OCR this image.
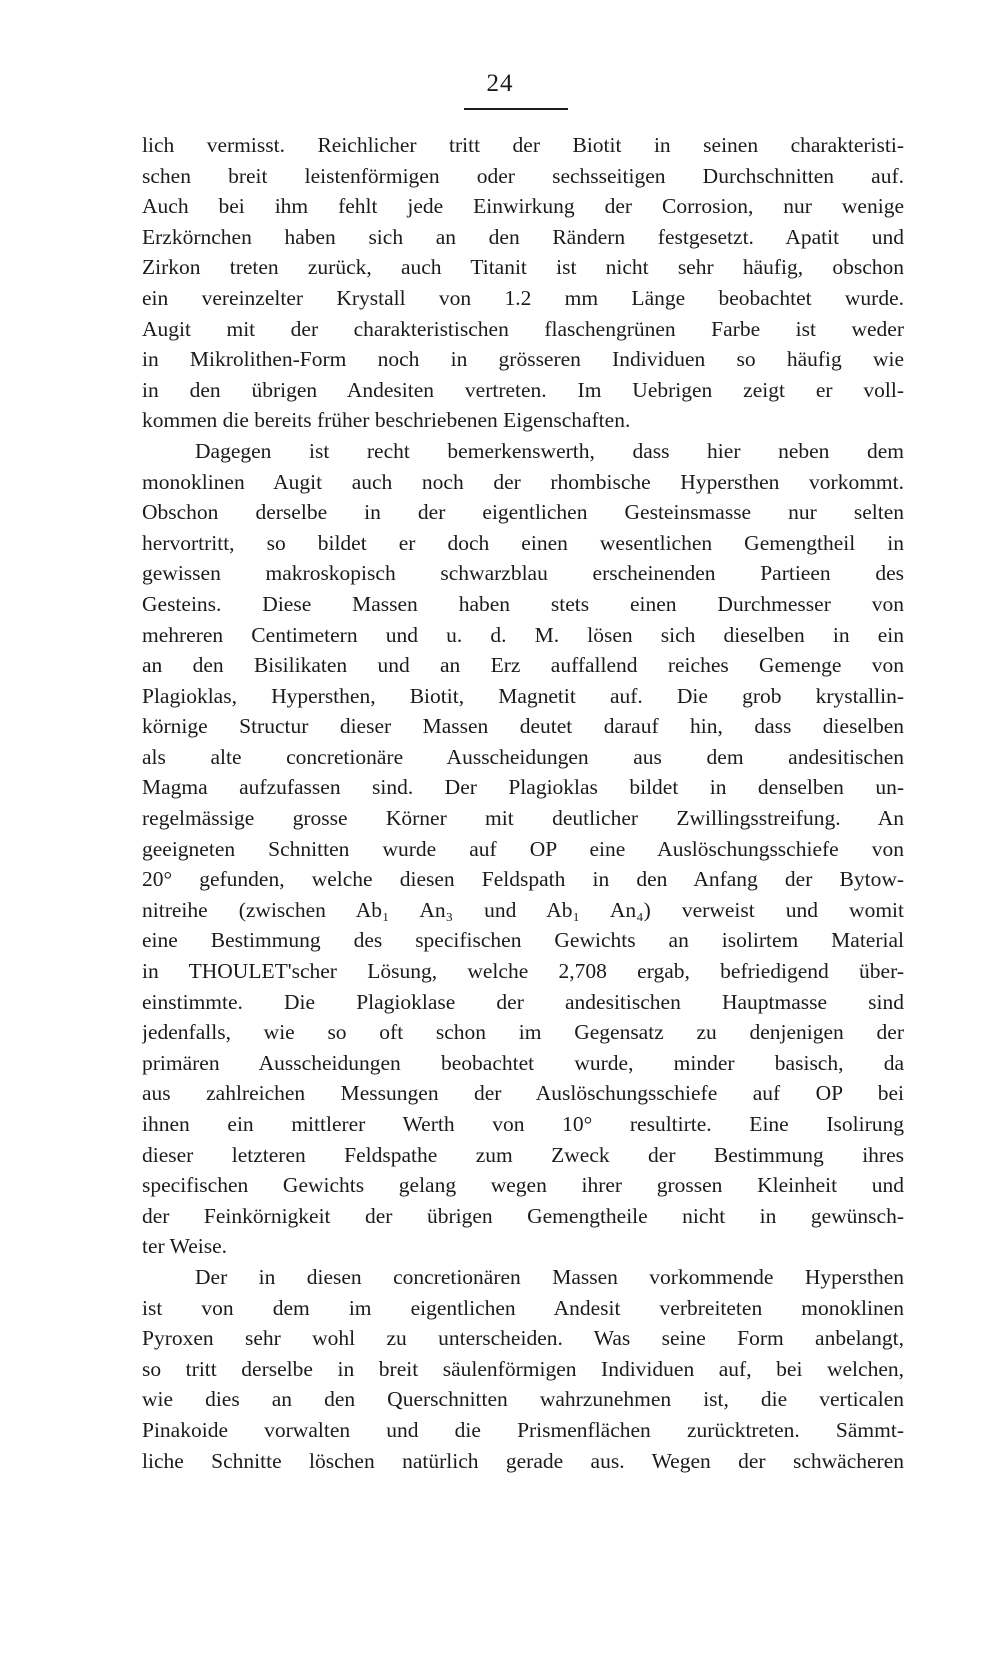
24
lich vermisst. Reichlicher tritt der Biotit in seinen charakteristi-
schen breit leistenförmigen oder sechsseitigen Durchschnitten auf.
Auch bei ihm fehlt jede Einwirkung der Corrosion, nur wenige
Erzkörnchen haben sich an den Rändern festgesetzt. Apatit und
Zirkon treten zurück, auch Titanit ist nicht sehr häufig, obschon
ein vereinzelter Krystall von 1.2 mm Länge beobachtet wurde.
Augit mit der charakteristischen flaschengrünen Farbe ist weder
in Mikrolithen-Form noch in grösseren Individuen so häufig wie
in den übrigen Andesiten vertreten. Im Uebrigen zeigt er voll-
kommen die bereits früher beschriebenen Eigenschaften.
Dagegen ist recht bemerkenswerth, dass hier neben dem
monoklinen Augit auch noch der rhombische Hypersthen vorkommt.
Obschon derselbe in der eigentlichen Gesteinsmasse nur selten
hervortritt, so bildet er doch einen wesentlichen Gemengtheil in
gewissen makroskopisch schwarzblau erscheinenden Partieen des
Gesteins. Diese Massen haben stets einen Durchmesser von
mehreren Centimetern und u. d. M. lösen sich dieselben in ein
an den Bisilikaten und an Erz auffallend reiches Gemenge von
Plagioklas, Hypersthen, Biotit, Magnetit auf. Die grob krystallin-
körnige Structur dieser Massen deutet darauf hin, dass dieselben
als alte concretionäre Ausscheidungen aus dem andesitischen
Magma aufzufassen sind. Der Plagioklas bildet in denselben un-
regelmässige grosse Körner mit deutlicher Zwillingsstreifung. An
geeigneten Schnitten wurde auf OP eine Auslöschungsschiefe von
20° gefunden, welche diesen Feldspath in den Anfang der Bytow-
nitreihe (zwischen Ab₁ An₃ und Ab₁ An₄) verweist und womit
eine Bestimmung des specifischen Gewichts an isolirtem Material
in THOULET'scher Lösung, welche 2,708 ergab, befriedigend über-
einstimmte. Die Plagioklase der andesitischen Hauptmasse sind
jedenfalls, wie so oft schon im Gegensatz zu denjenigen der
primären Ausscheidungen beobachtet wurde, minder basisch, da
aus zahlreichen Messungen der Auslöschungsschiefe auf OP bei
ihnen ein mittlerer Werth von 10° resultirte. Eine Isolirung
dieser letzteren Feldspathe zum Zweck der Bestimmung ihres
specifischen Gewichts gelang wegen ihrer grossen Kleinheit und
der Feinkörnigkeit der übrigen Gemengtheile nicht in gewünsch-
ter Weise.
Der in diesen concretionären Massen vorkommende Hypersthen
ist von dem im eigentlichen Andesit verbreiteten monoklinen
Pyroxen sehr wohl zu unterscheiden. Was seine Form anbelangt,
so tritt derselbe in breit säulenförmigen Individuen auf, bei welchen,
wie dies an den Querschnitten wahrzunehmen ist, die verticalen
Pinakoide vorwalten und die Prismenflächen zurücktreten. Sämmt-
liche Schnitte löschen natürlich gerade aus. Wegen der schwächeren
